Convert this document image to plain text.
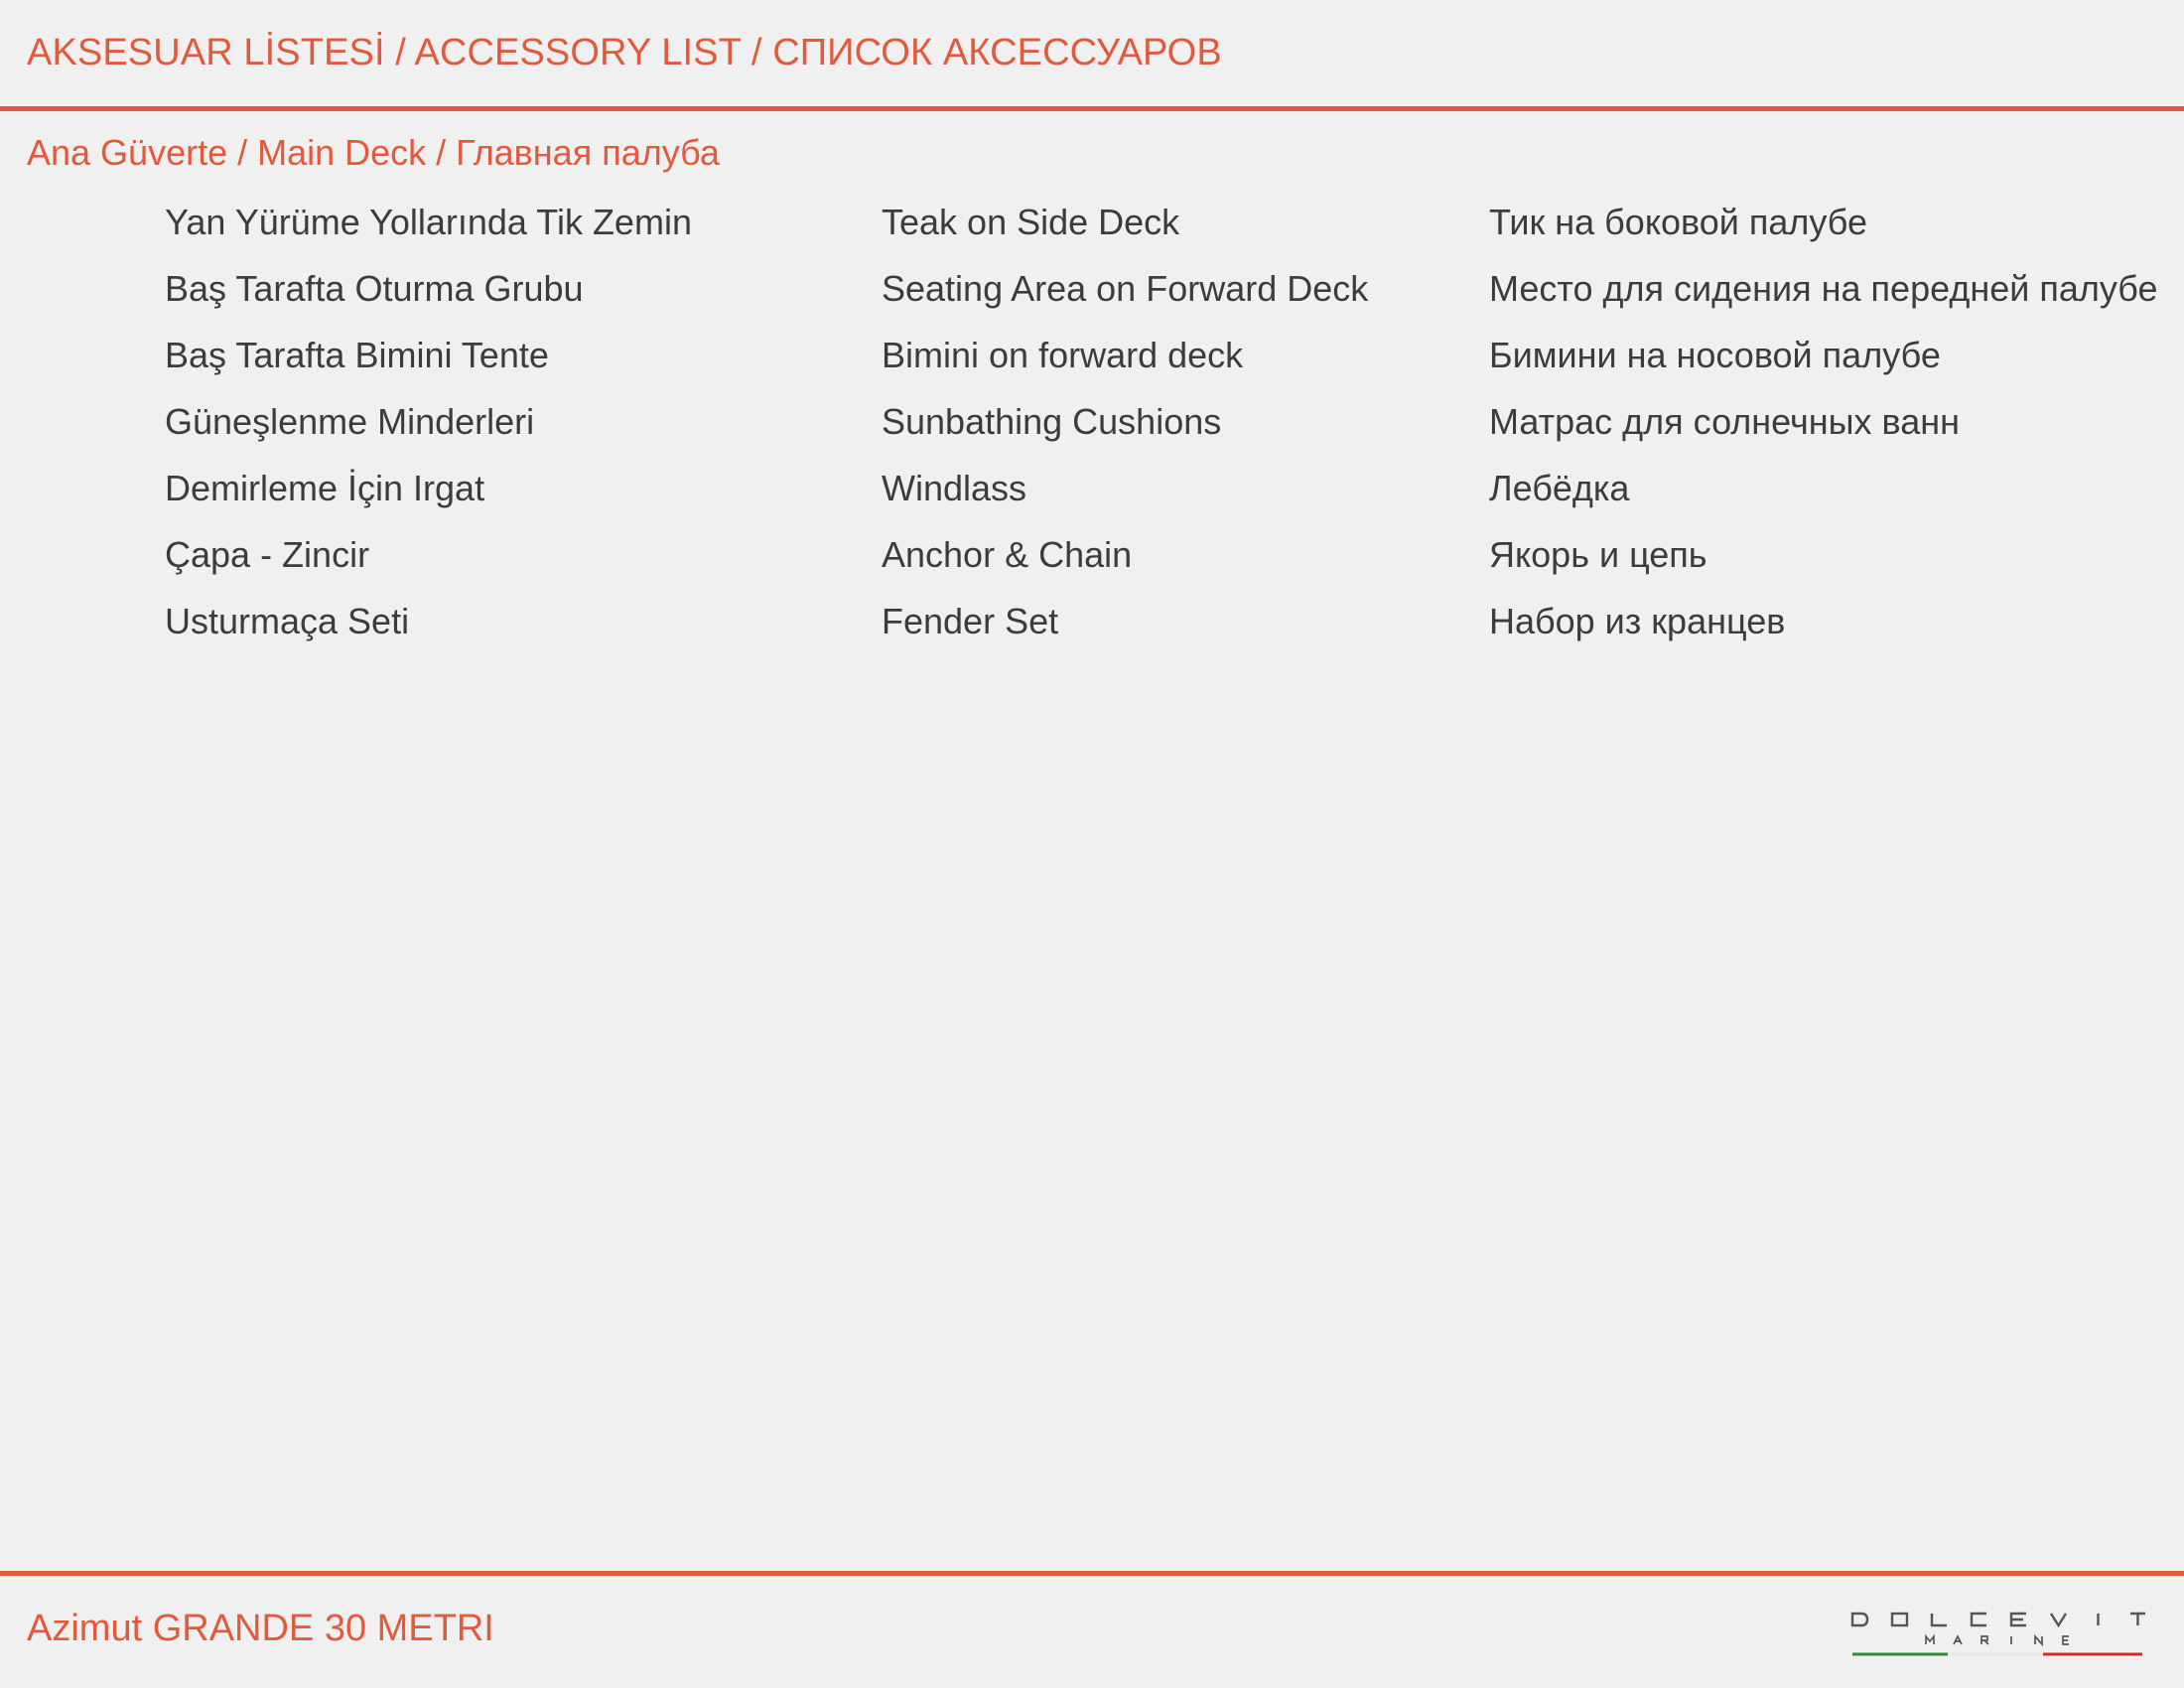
AKSESUAR LİSTESİ / ACCESSORY LIST / СПИСОК АКСЕССУАРОВ
Ana Güverte / Main Deck / Главная палуба
Yan Yürüme Yollarında Tik Zemin	Teak on Side Deck	Тик на боковой палубе
Baş Tarafta Oturma Grubu	Seating Area on Forward Deck	Место для сидения на передней палубе
Baş Tarafta Bimini Tente	Bimini on forward deck	Бимини на носовой палубе
Güneşlenme Minderleri	Sunbathing Cushions	Матрас для солнечных ванн
Demirleme İçin Irgat	Windlass	Лебёдка
Çapa - Zincir	Anchor & Chain	Якорь и цепь
Usturmaça Seti	Fender Set	Набор из кранцев
Azimut GRANDE 30 METRI
